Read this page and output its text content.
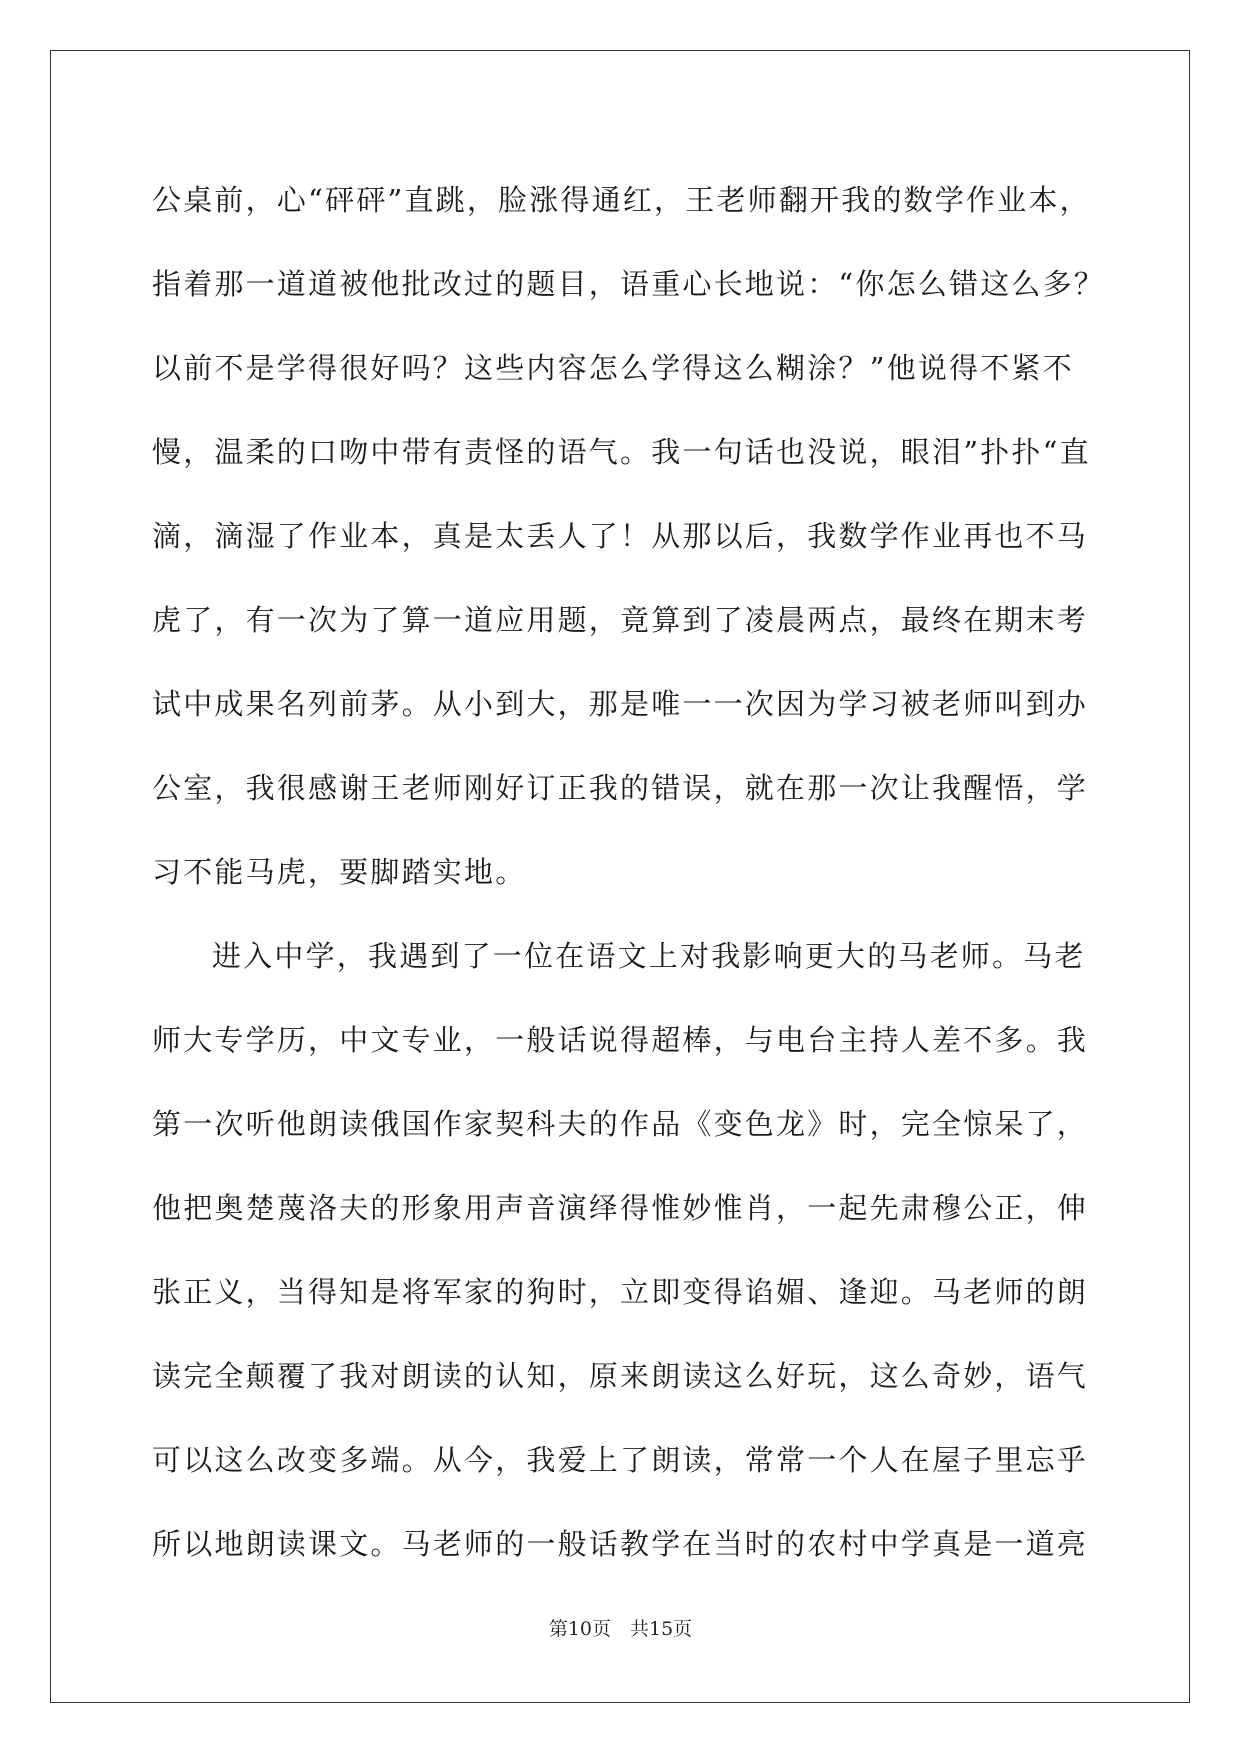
公桌前，心“砰砰”直跳，脸涨得通红，王老师翻开我的数学作业本，
指着那一道道被他批改过的题目，语重心长地说：“你怎么错这么多？
以前不是学得很好吗？这些内容怎么学得这么糊涂？”他说得不紧不
慢，温柔的口吻中带有责怪的语气。我一句话也没说，眼泪”扑扑“直
滴，滴湿了作业本，真是太丢人了！从那以后，我数学作业再也不马
虎了，有一次为了算一道应用题，竟算到了凌晨两点，最终在期末考
试中成果名列前茅。从小到大，那是唯一一次因为学习被老师叫到办
公室，我很感谢王老师刚好订正我的错误，就在那一次让我醒悟，学
习不能马虎，要脚踏实地。
进入中学，我遇到了一位在语文上对我影响更大的马老师。马老
师大专学历，中文专业，一般话说得超棒，与电台主持人差不多。我
第一次听他朗读俄国作家契科夫的作品《变色龙》时，完全惊呆了，
他把奥楚蔑洛夫的形象用声音演绎得惟妙惟肖，一起先肃穆公正，伸
张正义，当得知是将军家的狗时，立即变得谄媚、逢迎。马老师的朗
读完全颠覆了我对朗读的认知，原来朗读这么好玩，这么奇妙，语气
可以这么改变多端。从今，我爱上了朗读，常常一个人在屋子里忘乎
所以地朗读课文。马老师的一般话教学在当时的农村中学真是一道亮
第10页　共15页
